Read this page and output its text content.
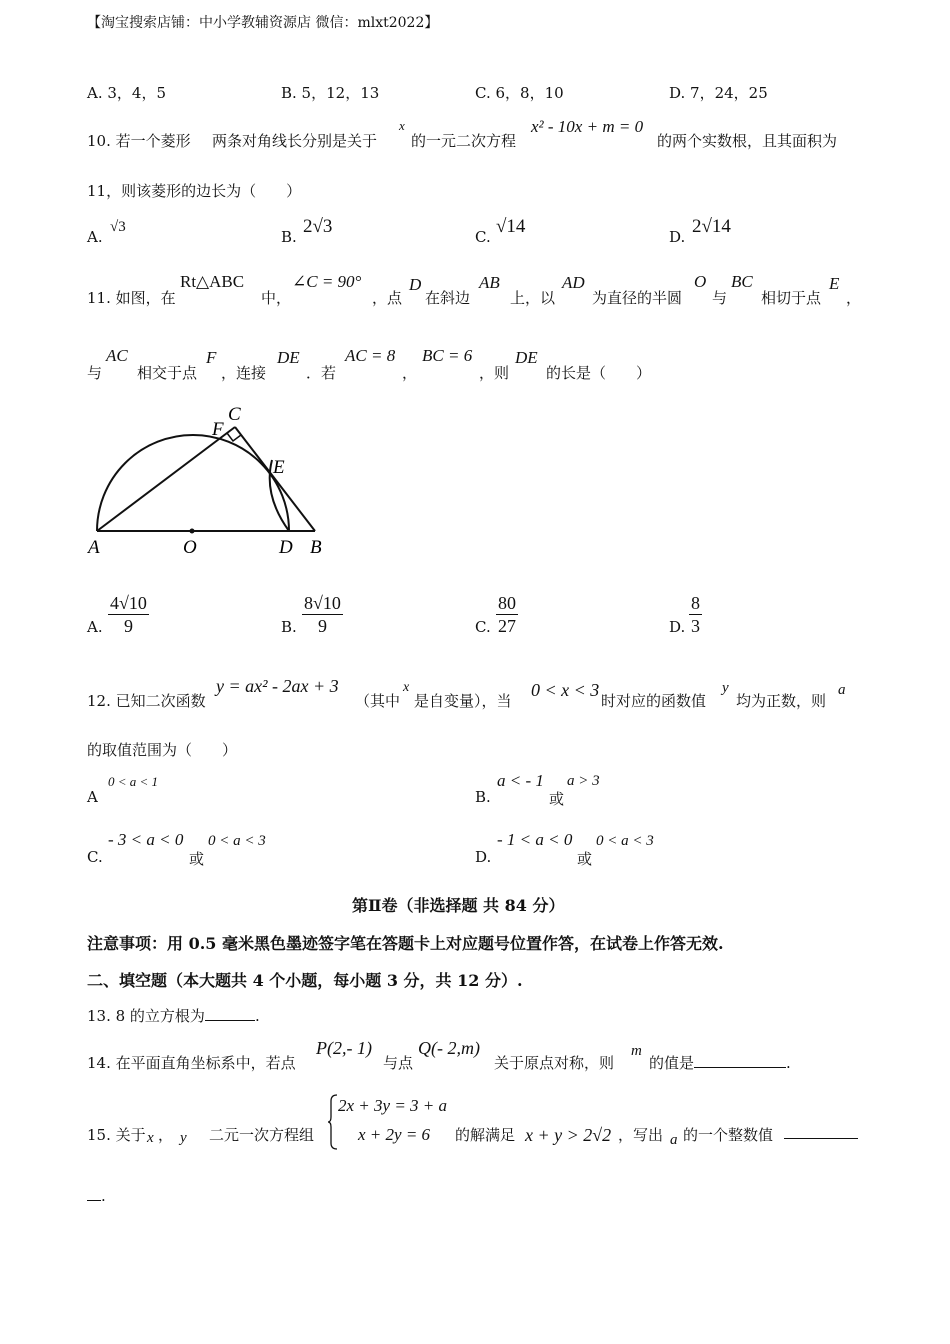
【淘宝搜索店铺：中小学教辅资源店 微信：mlxt2022】
A. 3，4，5	B. 5，12，13	C. 6，8，10	D. 7，24，25
10. 若一个菱形 两条对角线长分别是关于
x
的一元二次方程
x² - 10x + m = 0
的两个实数根，且其面积为
11，则该菱形的边长为（　　）
A.
√3
B. 2√3	C. √14	D. 2√14
11. 如图，在
Rt△ABC
中，
∠C = 90°
，点
D
在斜边
AB
上，以
AD
为直径的半圆
O
与
BC
相切于点
E
，
与
AC
相交于点
F
，连接
DE
．若
AC = 8
，
BC = 6
，则
DE
的长是（　　）
A	O	D B
C
F
E
A. $\frac{4√10}{9}$	B. $\frac{8√10}{9}$	C. $\frac{80}{27}$	D. $\frac{8}{3}$
12. 已知二次函数
y = ax² - 2ax + 3
（其中
x
是自变量），当
0 < x < 3
时对应的函数值
y
均为正数，则
a
的取值范围为（　　）
A
0 < a < 1
B.
a < - 1
或
a > 3
C.
- 3 < a < 0
或
0 < a < 3
D.
- 1 < a < 0
或
0 < a < 3
第Ⅱ卷（非选择题 共 84 分）
注意事项：用 0.5 毫米黑色墨迹签字笔在答题卡上对应题号位置作答，在试卷上作答无效.
二、填空题（本大题共 4 个小题，每小题 3 分，共 12 分）.
13. 8 的立方根为	.
14. 在平面直角坐标系中，若点
P(2,- 1)
与点
Q(- 2,m)
关于原点对称，则
m
的值是	.
15. 关于 x ， y 二元一次方程组
2x + 3y = 3 + a
x + 2y = 6 的解满足 x + y > 2√2 ，写出 a 的一个整数值
.
